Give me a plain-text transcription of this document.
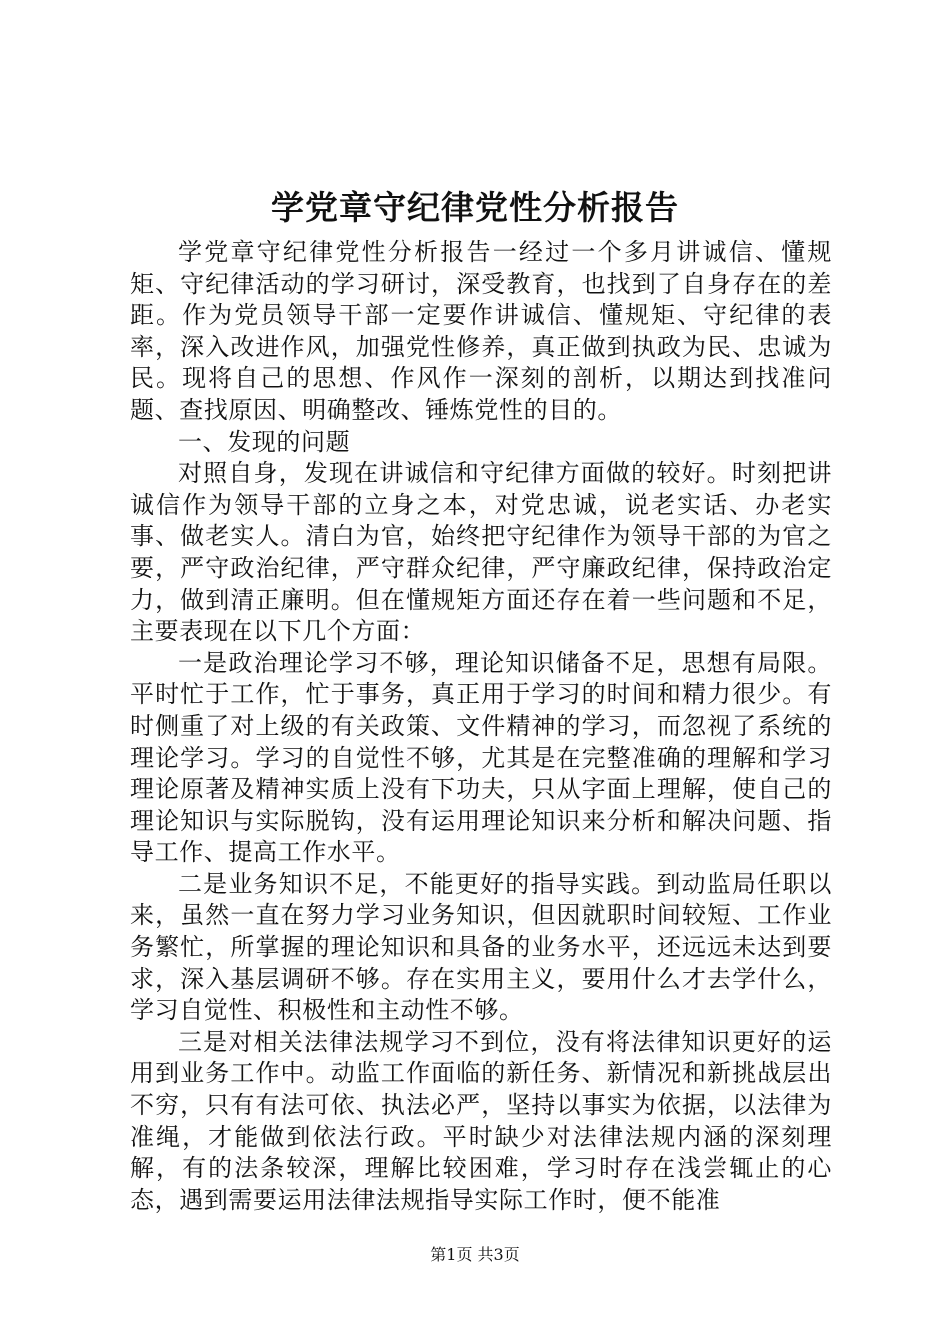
学党章守纪律党性分析报告

学党章守纪律党性分析报告一经过一个多月讲诚信、懂规矩、守纪律活动的学习研讨，深受教育，也找到了自身存在的差距。作为党员领导干部一定要作讲诚信、懂规矩、守纪律的表率，深入改进作风，加强党性修养，真正做到执政为民、忠诚为民。现将自己的思想、作风作一深刻的剖析，以期达到找准问题、查找原因、明确整改、锤炼党性的目的。

一、发现的问题

对照自身，发现在讲诚信和守纪律方面做的较好。时刻把讲诚信作为领导干部的立身之本，对党忠诚，说老实话、办老实事、做老实人。清白为官，始终把守纪律作为领导干部的为官之要，严守政治纪律，严守群众纪律，严守廉政纪律，保持政治定力，做到清正廉明。但在懂规矩方面还存在着一些问题和不足，主要表现在以下几个方面：

一是政治理论学习不够，理论知识储备不足，思想有局限。平时忙于工作，忙于事务，真正用于学习的时间和精力很少。有时侧重了对上级的有关政策、文件精神的学习，而忽视了系统的理论学习。学习的自觉性不够，尤其是在完整准确的理解和学习理论原著及精神实质上没有下功夫，只从字面上理解，使自己的理论知识与实际脱钩，没有运用理论知识来分析和解决问题、指导工作、提高工作水平。

二是业务知识不足，不能更好的指导实践。到动监局任职以来，虽然一直在努力学习业务知识，但因就职时间较短、工作业务繁忙，所掌握的理论知识和具备的业务水平，还远远未达到要求，深入基层调研不够。存在实用主义，要用什么才去学什么，学习自觉性、积极性和主动性不够。

三是对相关法律法规学习不到位，没有将法律知识更好的运用到业务工作中。动监工作面临的新任务、新情况和新挑战层出不穷，只有有法可依、执法必严，坚持以事实为依据，以法律为准绳，才能做到依法行政。平时缺少对法律法规内涵的深刻理解，有的法条较深，理解比较困难，学习时存在浅尝辄止的心态，遇到需要运用法律法规指导实际工作时，便不能准

第1页 共3页
